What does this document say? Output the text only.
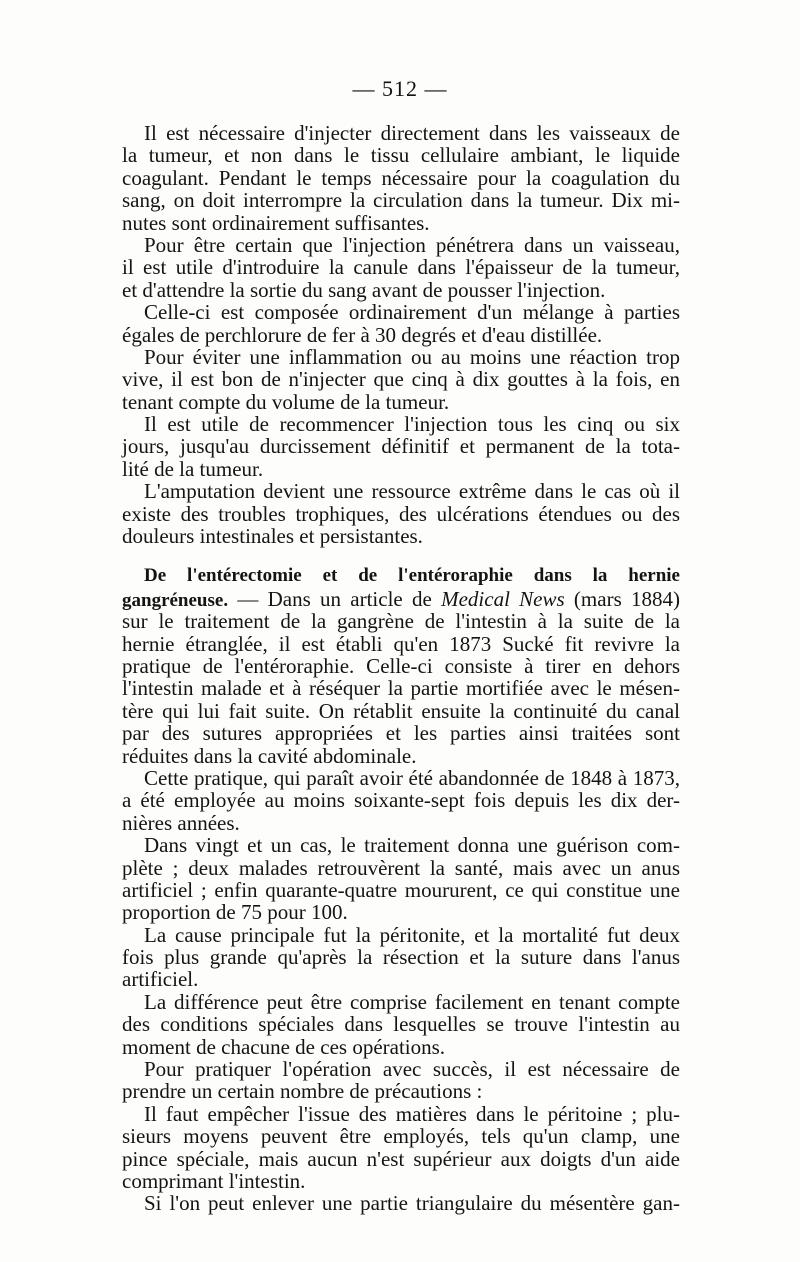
— 512 —
Il est nécessaire d'injecter directement dans les vaisseaux de
la tumeur, et non dans le tissu cellulaire ambiant, le liquide
coagulant. Pendant le temps nécessaire pour la coagulation du
sang, on doit interrompre la circulation dans la tumeur. Dix mi-
nutes sont ordinairement suffisantes.
Pour être certain que l'injection pénétrera dans un vaisseau,
il est utile d'introduire la canule dans l'épaisseur de la tumeur,
et d'attendre la sortie du sang avant de pousser l'injection.
Celle-ci est composée ordinairement d'un mélange à parties
égales de perchlorure de fer à 30 degrés et d'eau distillée.
Pour éviter une inflammation ou au moins une réaction trop
vive, il est bon de n'injecter que cinq à dix gouttes à la fois, en
tenant compte du volume de la tumeur.
Il est utile de recommencer l'injection tous les cinq ou six
jours, jusqu'au durcissement définitif et permanent de la tota-
lité de la tumeur.
L'amputation devient une ressource extrême dans le cas où il
existe des troubles trophiques, des ulcérations étendues ou des
douleurs intestinales et persistantes.
De l'entérectomie et de l'entéroraphie dans la hernie
gangréneuse. — Dans un article de Medical News (mars 1884)
sur le traitement de la gangrène de l'intestin à la suite de la
hernie étranglée, il est établi qu'en 1873 Sucké fit revivre la
pratique de l'entéroraphie. Celle-ci consiste à tirer en dehors
l'intestin malade et à réséquer la partie mortifiée avec le mésen-
tère qui lui fait suite. On rétablit ensuite la continuité du canal
par des sutures appropriées et les parties ainsi traitées sont
réduites dans la cavité abdominale.
Cette pratique, qui paraît avoir été abandonnée de 1848 à 1873,
a été employée au moins soixante-sept fois depuis les dix der-
nières années.
Dans vingt et un cas, le traitement donna une guérison com-
plète ; deux malades retrouvèrent la santé, mais avec un anus
artificiel ; enfin quarante-quatre moururent, ce qui constitue une
proportion de 75 pour 100.
La cause principale fut la péritonite, et la mortalité fut deux
fois plus grande qu'après la résection et la suture dans l'anus
artificiel.
La différence peut être comprise facilement en tenant compte
des conditions spéciales dans lesquelles se trouve l'intestin au
moment de chacune de ces opérations.
Pour pratiquer l'opération avec succès, il est nécessaire de
prendre un certain nombre de précautions :
Il faut empêcher l'issue des matières dans le péritoine ; plu-
sieurs moyens peuvent être employés, tels qu'un clamp, une
pince spéciale, mais aucun n'est supérieur aux doigts d'un aide
comprimant l'intestin.
Si l'on peut enlever une partie triangulaire du mésentère gan-
